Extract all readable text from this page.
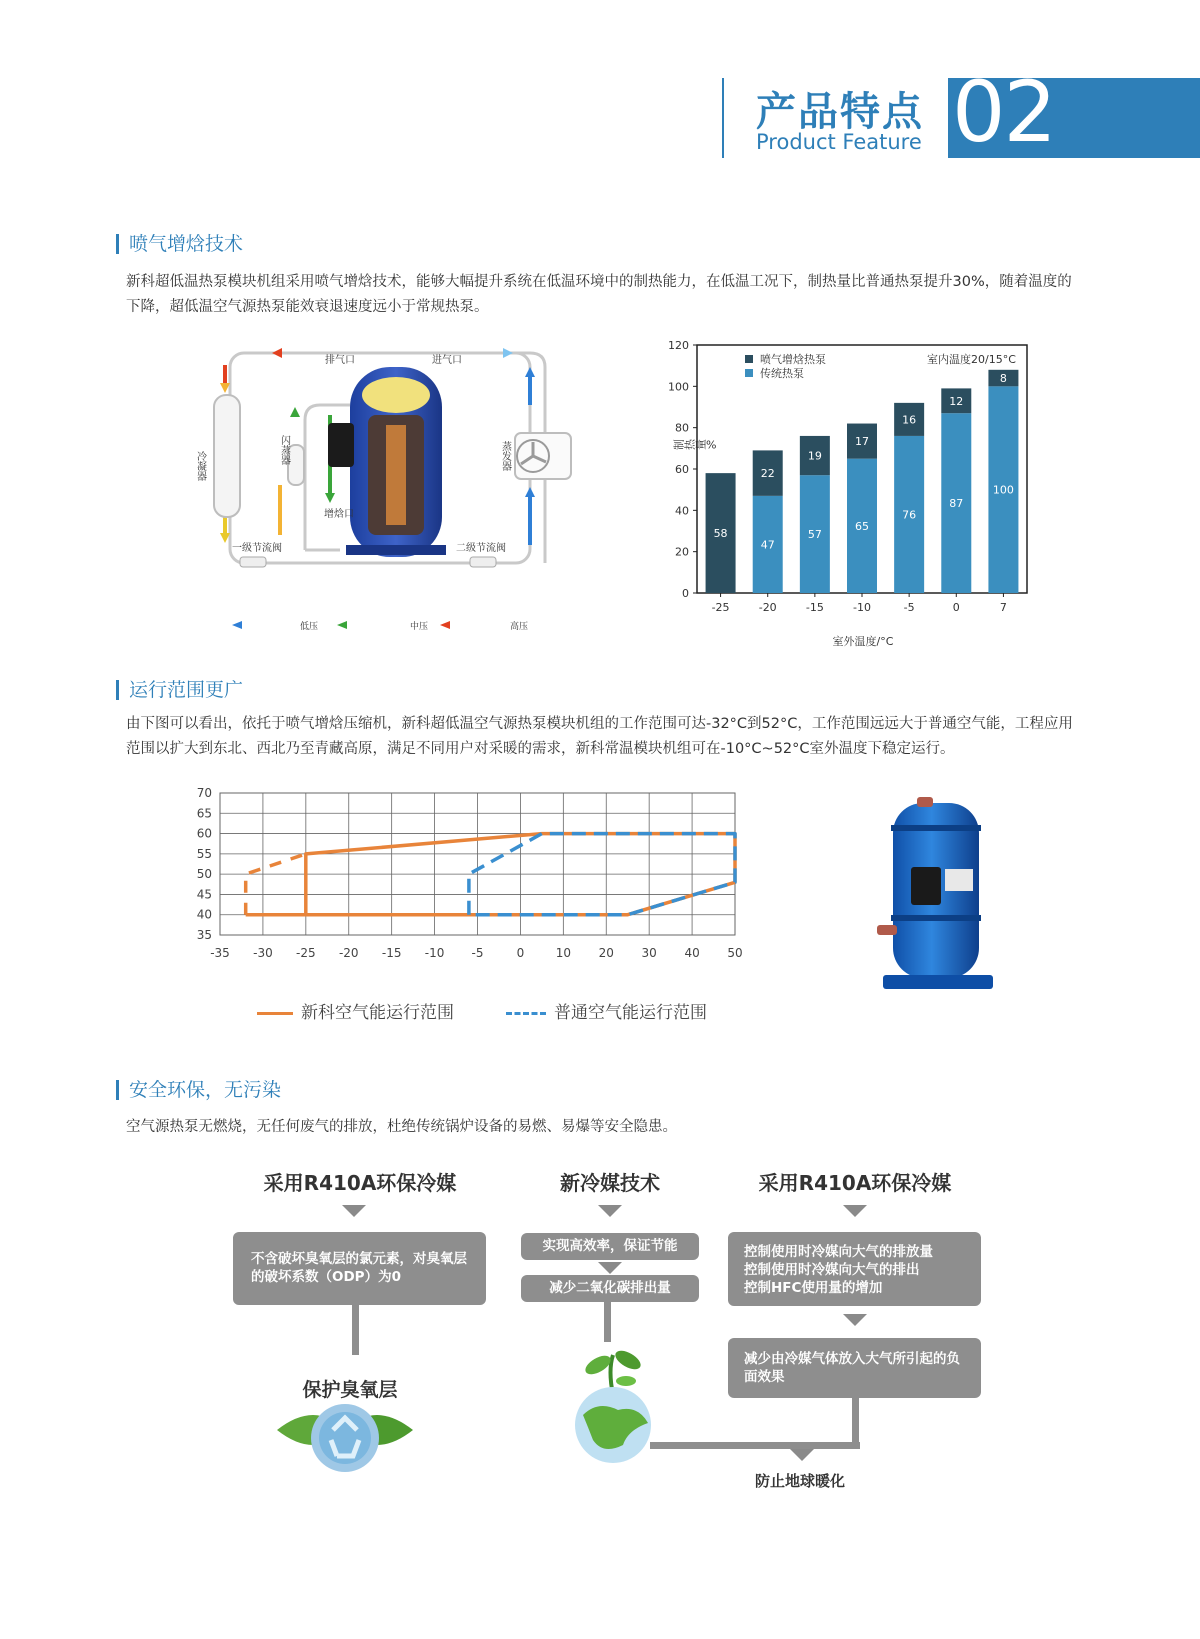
产品特点
Product Feature 02
喷气增焓技术
新科超低温热泵模块机组采用喷气增焓技术，能够大幅提升系统在低温环境中的制热能力，在低温工况下，制热量比普通热泵提升30%，随着温度的下降，超低温空气源热泵能效衰退速度远小于常规热泵。
排气口	进气口
冷凝器
闪蒸器	蒸发器
增焓口
一级节流阀	二级节流阀
低压	中压	高压
0
20
40
60
80
100
120
58
47
22
57
19
65
17
76
16
87
12
100
8
-25	-20	-15	-10	-5	0	7
喷气增焓热泵
传统热泵
室内温度20/15°C
室外温度/°C
制热量%
运行范围更广
由下图可以看出，依托于喷气增焓压缩机，新科超低温空气源热泵模块机组的工作范围可达-32°C到52°C，工作范围远远大于普通空气能，工程应用范围以扩大到东北、西北乃至青藏高原，满足不同用户对采暖的需求，新科常温模块机组可在-10°C~52°C室外温度下稳定运行。
-35 -30 -25 -20 -15 -10 -5	0	10 20 30 40 50
35
40
45
50
55
60
65
70
新科空气能运行范围	普通空气能运行范围
安全环保，无污染
空气源热泵无燃烧，无任何废气的排放，杜绝传统锅炉设备的易燃、易爆等安全隐患。
采用R410A环保冷媒
不含破坏臭氧层的氯元素，对臭氧层的破坏系数（ODP）为0
保护臭氧层
新冷媒技术
实现高效率，保证节能
减少二氧化碳排出量
采用R410A环保冷媒
控制使用时冷媒向大气的排放量
控制使用时冷媒向大气的排出
控制HFC使用量的增加
减少由冷媒气体放入大气所引起的负面效果
防止地球暖化
